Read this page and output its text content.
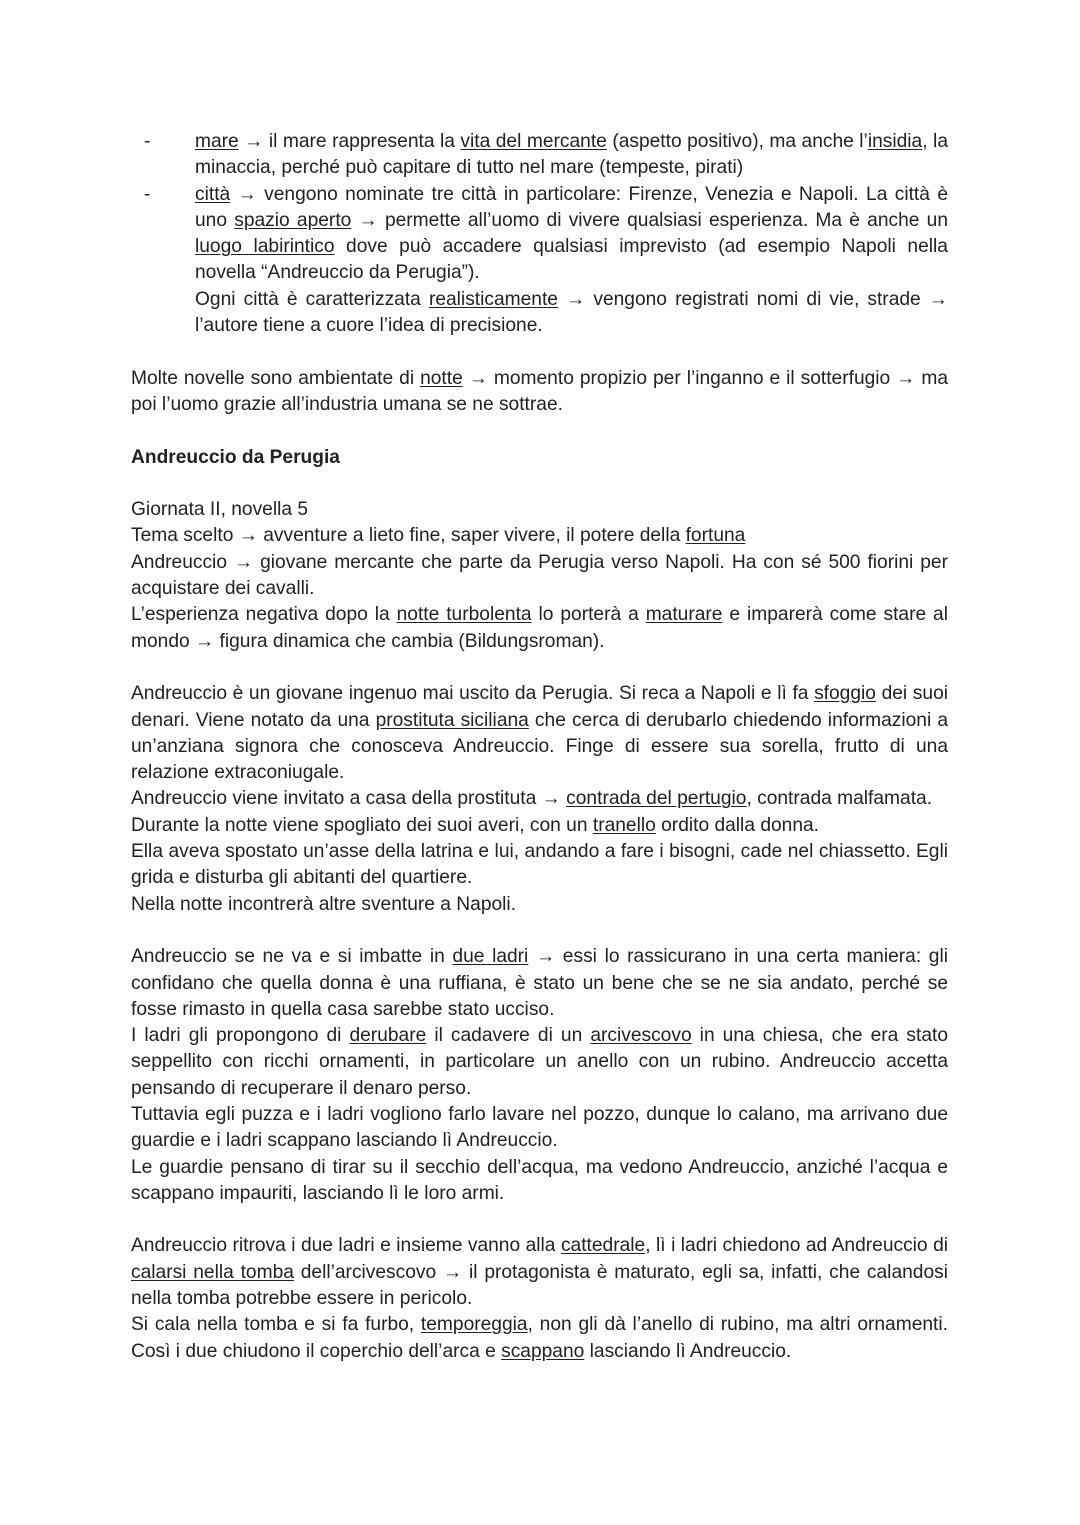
- mare → il mare rappresenta la vita del mercante (aspetto positivo), ma anche l’insidia, la minaccia, perché può capitare di tutto nel mare (tempeste, pirati)
- città → vengono nominate tre città in particolare: Firenze, Venezia e Napoli. La città è uno spazio aperto → permette all’uomo di vivere qualsiasi esperienza. Ma è anche un luogo labirintico dove può accadere qualsiasi imprevisto (ad esempio Napoli nella novella “Andreuccio da Perugia”).
Ogni città è caratterizzata realisticamente → vengono registrati nomi di vie, strade → l’autore tiene a cuore l’idea di precisione.

Molte novelle sono ambientate di notte → momento propizio per l’inganno e il sotterfugio → ma poi l’uomo grazie all’industria umana se ne sottrae.

Andreuccio da Perugia

Giornata II, novella 5
Tema scelto → avventure a lieto fine, saper vivere, il potere della fortuna
Andreuccio → giovane mercante che parte da Perugia verso Napoli. Ha con sé 500 fiorini per acquistare dei cavalli.
L’esperienza negativa dopo la notte turbolenta lo porterà a maturare e imparerà come stare al mondo → figura dinamica che cambia (Bildungsroman).

Andreuccio è un giovane ingenuo mai uscito da Perugia. Si reca a Napoli e lì fa sfoggio dei suoi denari. Viene notato da una prostituta siciliana che cerca di derubarlo chiedendo informazioni a un’anziana signora che conosceva Andreuccio. Finge di essere sua sorella, frutto di una relazione extraconiugale.
Andreuccio viene invitato a casa della prostituta → contrada del pertugio, contrada malfamata.
Durante la notte viene spogliato dei suoi averi, con un tranello ordito dalla donna.
Ella aveva spostato un’asse della latrina e lui, andando a fare i bisogni, cade nel chiassetto. Egli grida e disturba gli abitanti del quartiere.
Nella notte incontrerà altre sventure a Napoli.

Andreuccio se ne va e si imbatte in due ladri → essi lo rassicurano in una certa maniera: gli confidano che quella donna è una ruffiana, è stato un bene che se ne sia andato, perché se fosse rimasto in quella casa sarebbe stato ucciso.
I ladri gli propongono di derubare il cadavere di un arcivescovo in una chiesa, che era stato seppellito con ricchi ornamenti, in particolare un anello con un rubino. Andreuccio accetta pensando di recuperare il denaro perso.
Tuttavia egli puzza e i ladri vogliono farlo lavare nel pozzo, dunque lo calano, ma arrivano due guardie e i ladri scappano lasciando lì Andreuccio.
Le guardie pensano di tirar su il secchio dell’acqua, ma vedono Andreuccio, anziché l’acqua e scappano impauriti, lasciando lì le loro armi.

Andreuccio ritrova i due ladri e insieme vanno alla cattedrale, lì i ladri chiedono ad Andreuccio di calarsi nella tomba dell’arcivescovo → il protagonista è maturato, egli sa, infatti, che calandosi nella tomba potrebbe essere in pericolo.
Si cala nella tomba e si fa furbo, temporeggia, non gli dà l’anello di rubino, ma altri ornamenti. Così i due chiudono il coperchio dell’arca e scappano lasciando lì Andreuccio.
